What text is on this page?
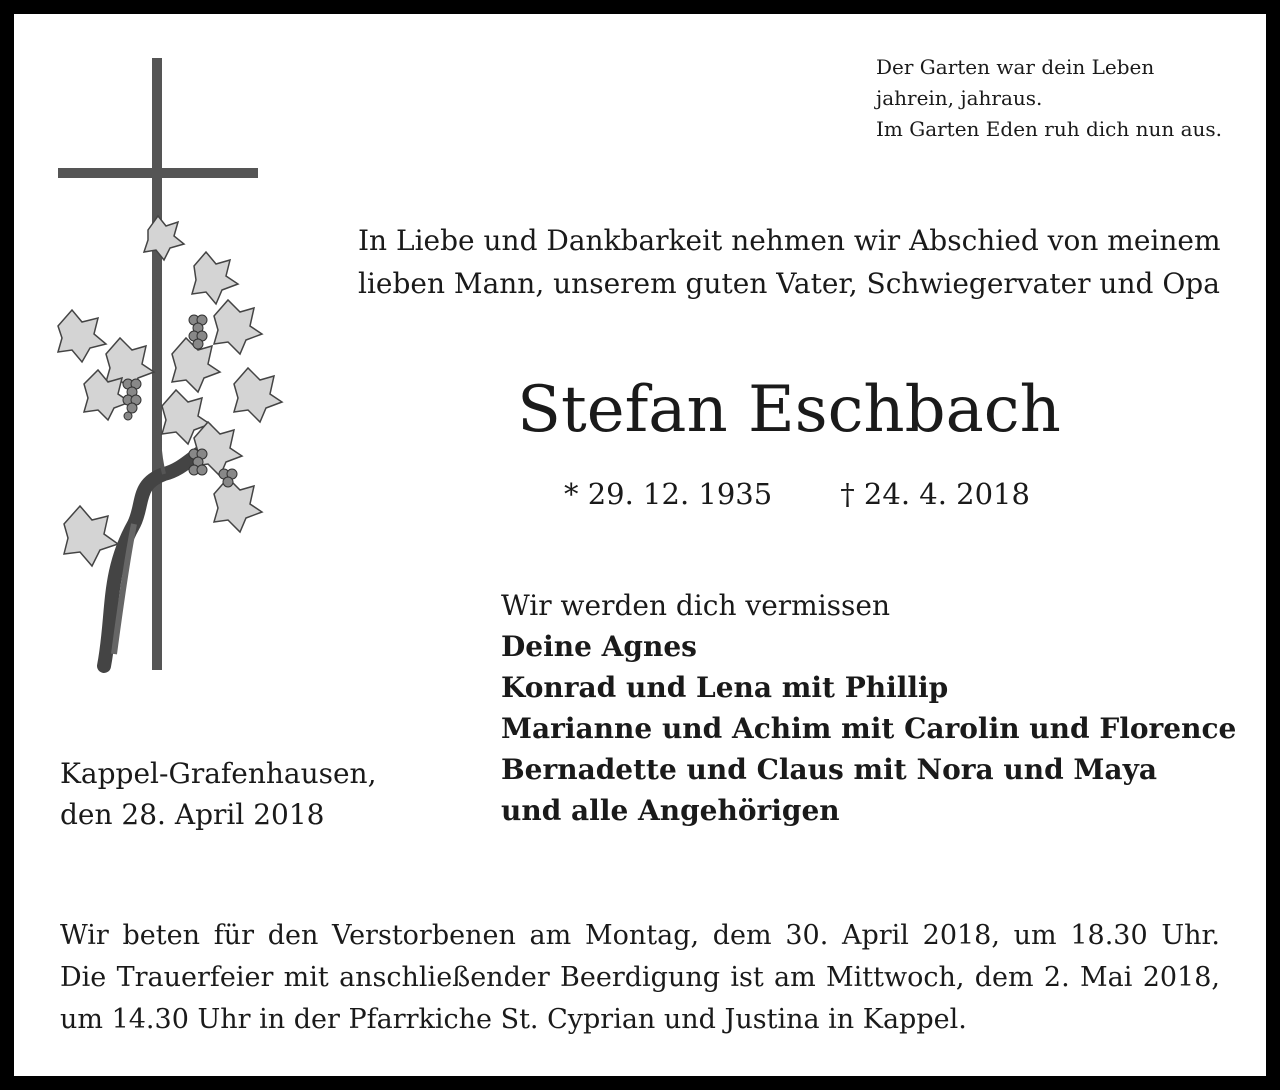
Der Garten war dein Leben
jahrein, jahraus.
Im Garten Eden ruh dich nun aus.
In Liebe und Dankbarkeit nehmen wir Abschied von meinem
lieben Mann, unserem guten Vater, Schwiegervater und Opa
Stefan Eschbach
* 29. 12. 1935 † 24. 4. 2018
Wir werden dich vermissen
Deine Agnes
Konrad und Lena mit Phillip
Marianne und Achim mit Carolin und Florence
Bernadette und Claus mit Nora und Maya
und alle Angehörigen
Kappel-Grafenhausen,
den 28. April 2018
Wir beten für den Verstorbenen am Montag, dem 30. April 2018, um 18.30 Uhr.
Die Trauerfeier mit anschließender Beerdigung ist am Mittwoch, dem 2. Mai 2018,
um 14.30 Uhr in der Pfarrkiche St. Cyprian und Justina in Kappel.
